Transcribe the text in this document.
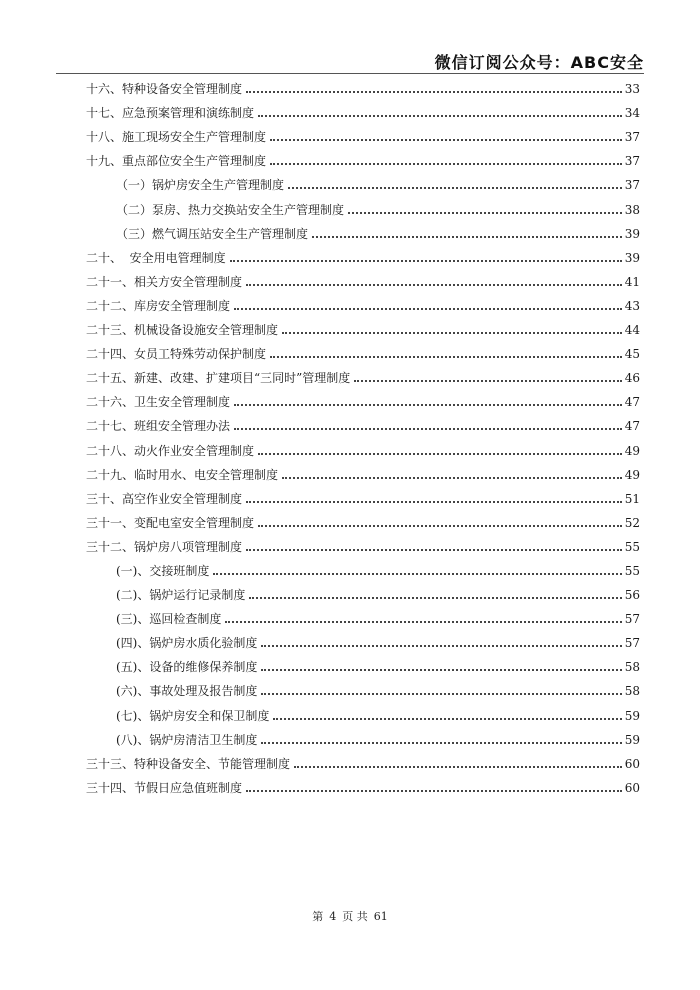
微信订阅公众号：ABC安全
十六、特种设备安全管理制度	33
十七、应急预案管理和演练制度	34
十八、施工现场安全生产管理制度	37
十九、重点部位安全生产管理制度	37
（一）锅炉房安全生产管理制度	37
（二）泵房、热力交换站安全生产管理制度	38
（三）燃气调压站安全生产管理制度	39
二十、  安全用电管理制度	39
二十一、相关方安全管理制度	41
二十二、库房安全管理制度	43
二十三、机械设备设施安全管理制度	44
二十四、女员工特殊劳动保护制度	45
二十五、新建、改建、扩建项目“三同时”管理制度	46
二十六、卫生安全管理制度	47
二十七、班组安全管理办法	47
二十八、动火作业安全管理制度	49
二十九、临时用水、电安全管理制度	49
三十、高空作业安全管理制度	51
三十一、变配电室安全管理制度	52
三十二、锅炉房八项管理制度	55
(一)、交接班制度	55
(二)、锅炉运行记录制度	56
(三)、巡回检查制度	57
(四)、锅炉房水质化验制度	57
(五)、设备的维修保养制度	58
(六)、事故处理及报告制度	58
(七)、锅炉房安全和保卫制度	59
(八)、锅炉房清洁卫生制度	59
三十三、特种设备安全、节能管理制度	60
三十四、节假日应急值班制度	60
第 4 页 共 61
